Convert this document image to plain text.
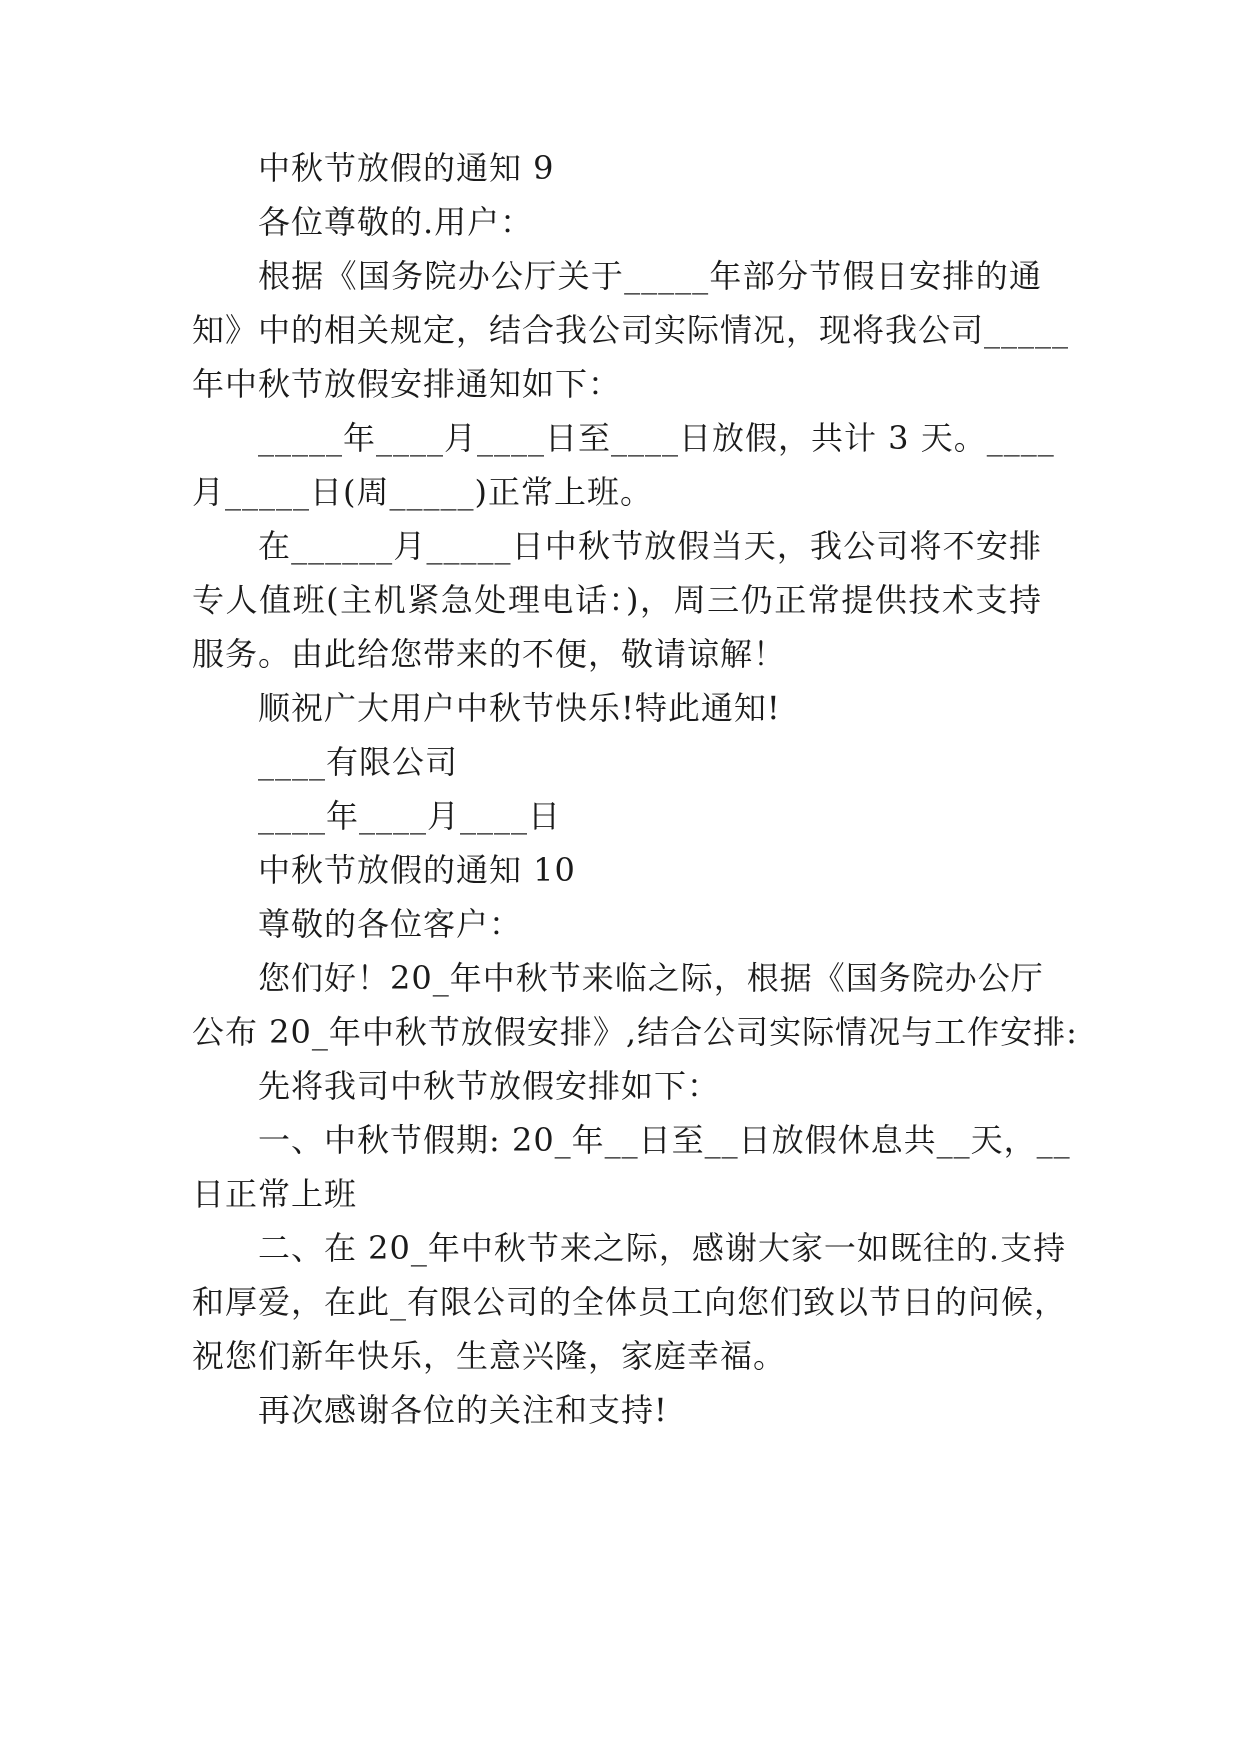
中秋节放假的通知 9
各位尊敬的.用户：
根据《国务院办公厅关于_____年部分节假日安排的通
知》中的相关规定，结合我公司实际情况，现将我公司_____
年中秋节放假安排通知如下：
_____年____月____日至____日放假，共计 3 天。____
月_____日(周_____)正常上班。
在______月_____日中秋节放假当天，我公司将不安排
专人值班(主机紧急处理电话：)，周三仍正常提供技术支持
服务。由此给您带来的不便，敬请谅解！
顺祝广大用户中秋节快乐!特此通知!
____有限公司
____年____月____日
中秋节放假的通知 10
尊敬的各位客户：
您们好！20_年中秋节来临之际，根据《国务院办公厅
公布 20_年中秋节放假安排》,结合公司实际情况与工作安排:
先将我司中秋节放假安排如下：
一、中秋节假期: 20_年__日至__日放假休息共__天，__
日正常上班
二、在 20_年中秋节来之际，感谢大家一如既往的.支持
和厚爱，在此_有限公司的全体员工向您们致以节日的问候，
祝您们新年快乐，生意兴隆，家庭幸福。
再次感谢各位的关注和支持!
